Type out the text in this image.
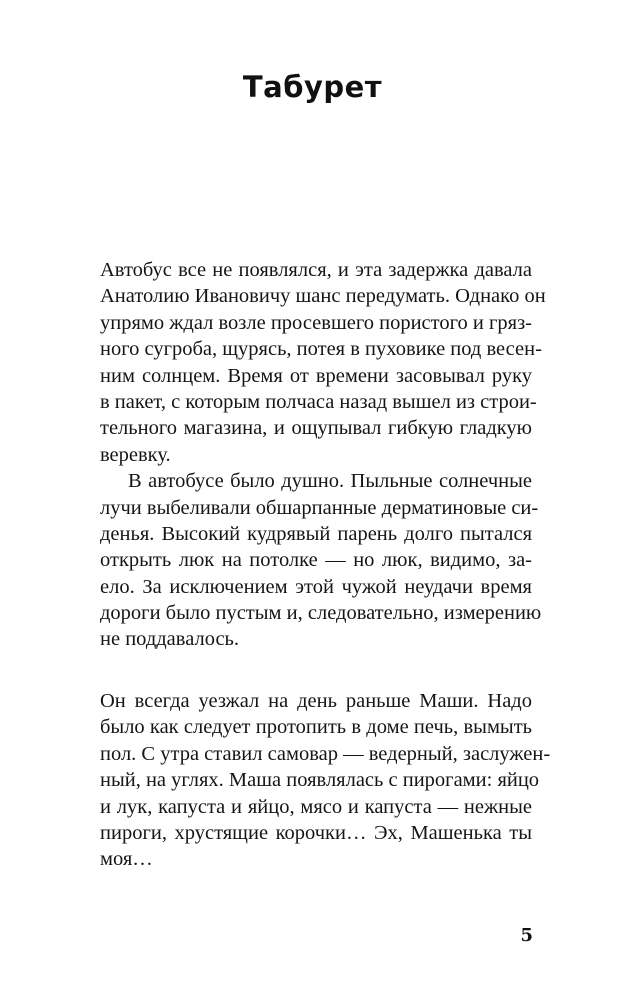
Табурет
Автобус все не появлялся, и эта задержка давала
Анатолию Ивановичу шанс передумать. Однако он
упрямо ждал возле просевшего пористого и гряз-
ного сугроба, щурясь, потея в пуховике под весен-
ним солнцем. Время от времени засовывал руку
в пакет, с которым полчаса назад вышел из строи-
тельного магазина, и ощупывал гибкую гладкую
веревку.
В автобусе было душно. Пыльные солнечные
лучи выбеливали обшарпанные дерматиновые си-
денья. Высокий кудрявый парень долго пытался
открыть люк на потолке — но люк, видимо, за-
ело. За исключением этой чужой неудачи время
дороги было пустым и, следовательно, измерению
не поддавалось.
Он всегда уезжал на день раньше Маши. Надо
было как следует протопить в доме печь, вымыть
пол. С утра ставил самовар — ведерный, заслужен-
ный, на углях. Маша появлялась с пирогами: яйцо
и лук, капуста и яйцо, мясо и капуста — нежные
пироги, хрустящие корочки… Эх, Машенька ты
моя…
5
